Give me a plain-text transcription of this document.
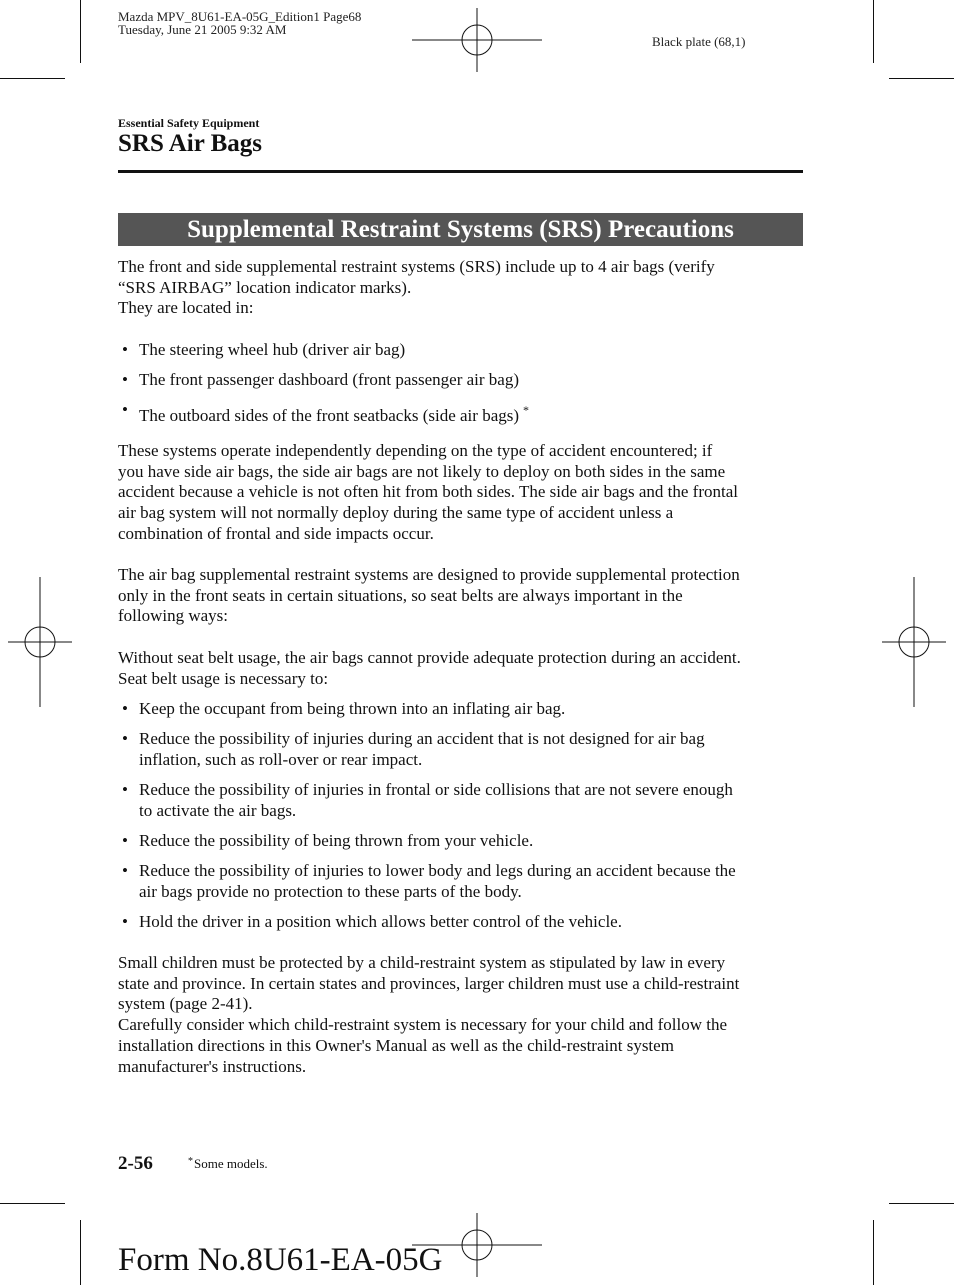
Mazda MPV_8U61-EA-05G_Edition1 Page68
Tuesday, June 21 2005 9:32 AM
Black plate (68,1)
Essential Safety Equipment
SRS Air Bags
Supplemental Restraint Systems (SRS) Precautions
The front and side supplemental restraint systems (SRS) include up to 4 air bags (verify
“SRS AIRBAG” location indicator marks).
They are located in:
• The steering wheel hub (driver air bag)
• The front passenger dashboard (front passenger air bag)
• The outboard sides of the front seatbacks (side air bags) *
These systems operate independently depending on the type of accident encountered; if
you have side air bags, the side air bags are not likely to deploy on both sides in the same
accident because a vehicle is not often hit from both sides. The side air bags and the frontal
air bag system will not normally deploy during the same type of accident unless a
combination of frontal and side impacts occur.
The air bag supplemental restraint systems are designed to provide supplemental protection
only in the front seats in certain situations, so seat belts are always important in the
following ways:
Without seat belt usage, the air bags cannot provide adequate protection during an accident.
Seat belt usage is necessary to:
• Keep the occupant from being thrown into an inflating air bag.
• Reduce the possibility of injuries during an accident that is not designed for air bag
inflation, such as roll-over or rear impact.
• Reduce the possibility of injuries in frontal or side collisions that are not severe enough
to activate the air bags.
• Reduce the possibility of being thrown from your vehicle.
• Reduce the possibility of injuries to lower body and legs during an accident because the
air bags provide no protection to these parts of the body.
• Hold the driver in a position which allows better control of the vehicle.
Small children must be protected by a child-restraint system as stipulated by law in every
state and province. In certain states and provinces, larger children must use a child-restraint
system (page 2-41).
Carefully consider which child-restraint system is necessary for your child and follow the
installation directions in this Owner's Manual as well as the child-restraint system
manufacturer's instructions.
2-56	*Some models.
Form No.8U61-EA-05G
